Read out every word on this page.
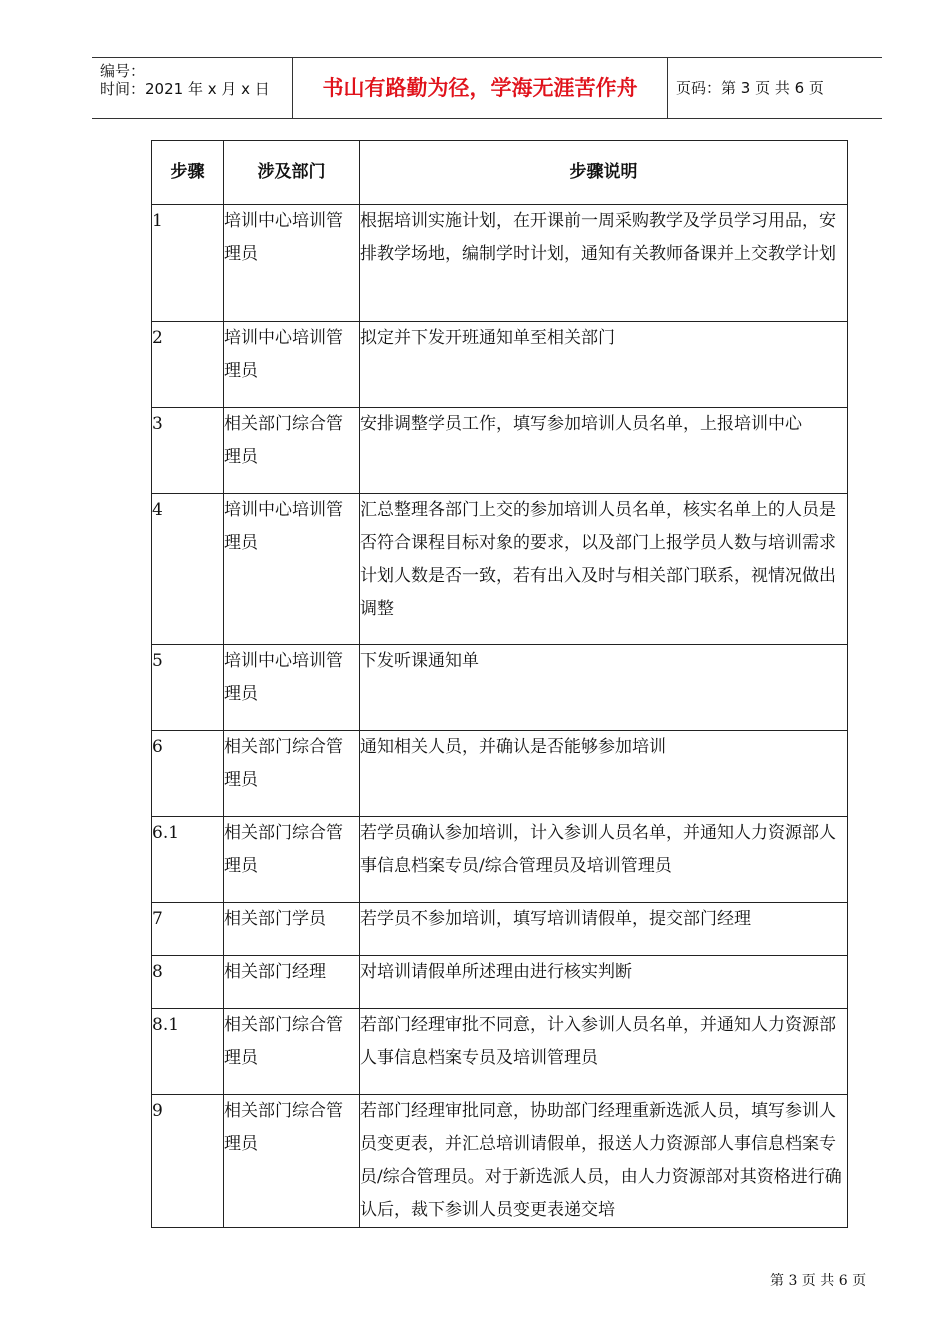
编号：
时间：2021 年 x 月 x 日	书山有路勤为径，学海无涯苦作舟	页码：第 3 页 共 6 页
步骤	涉及部门	步骤说明
1	培训中心培训管理员	根据培训实施计划，在开课前一周采购教学及学员学习用品，安排教学场地，编制学时计划，通知有关教师备课并上交教学计划
2	培训中心培训管理员	拟定并下发开班通知单至相关部门
3	相关部门综合管理员	安排调整学员工作，填写参加培训人员名单，上报培训中心
4	培训中心培训管理员	汇总整理各部门上交的参加培训人员名单，核实名单上的人员是否符合课程目标对象的要求，以及部门上报学员人数与培训需求计划人数是否一致，若有出入及时与相关部门联系，视情况做出调整
5	培训中心培训管理员	下发听课通知单
6	相关部门综合管理员	通知相关人员，并确认是否能够参加培训
6.1	相关部门综合管理员	若学员确认参加培训，计入参训人员名单，并通知人力资源部人事信息档案专员/综合管理员及培训管理员
7	相关部门学员	若学员不参加培训，填写培训请假单，提交部门经理
8	相关部门经理	对培训请假单所述理由进行核实判断
8.1	相关部门综合管理员	若部门经理审批不同意，计入参训人员名单，并通知人力资源部人事信息档案专员及培训管理员
9	相关部门综合管理员	若部门经理审批同意，协助部门经理重新选派人员，填写参训人员变更表，并汇总培训请假单，报送人力资源部人事信息档案专员/综合管理员。对于新选派人员，由人力资源部对其资格进行确认后，裁下参训人员变更表递交培
第 3 页 共 6 页
